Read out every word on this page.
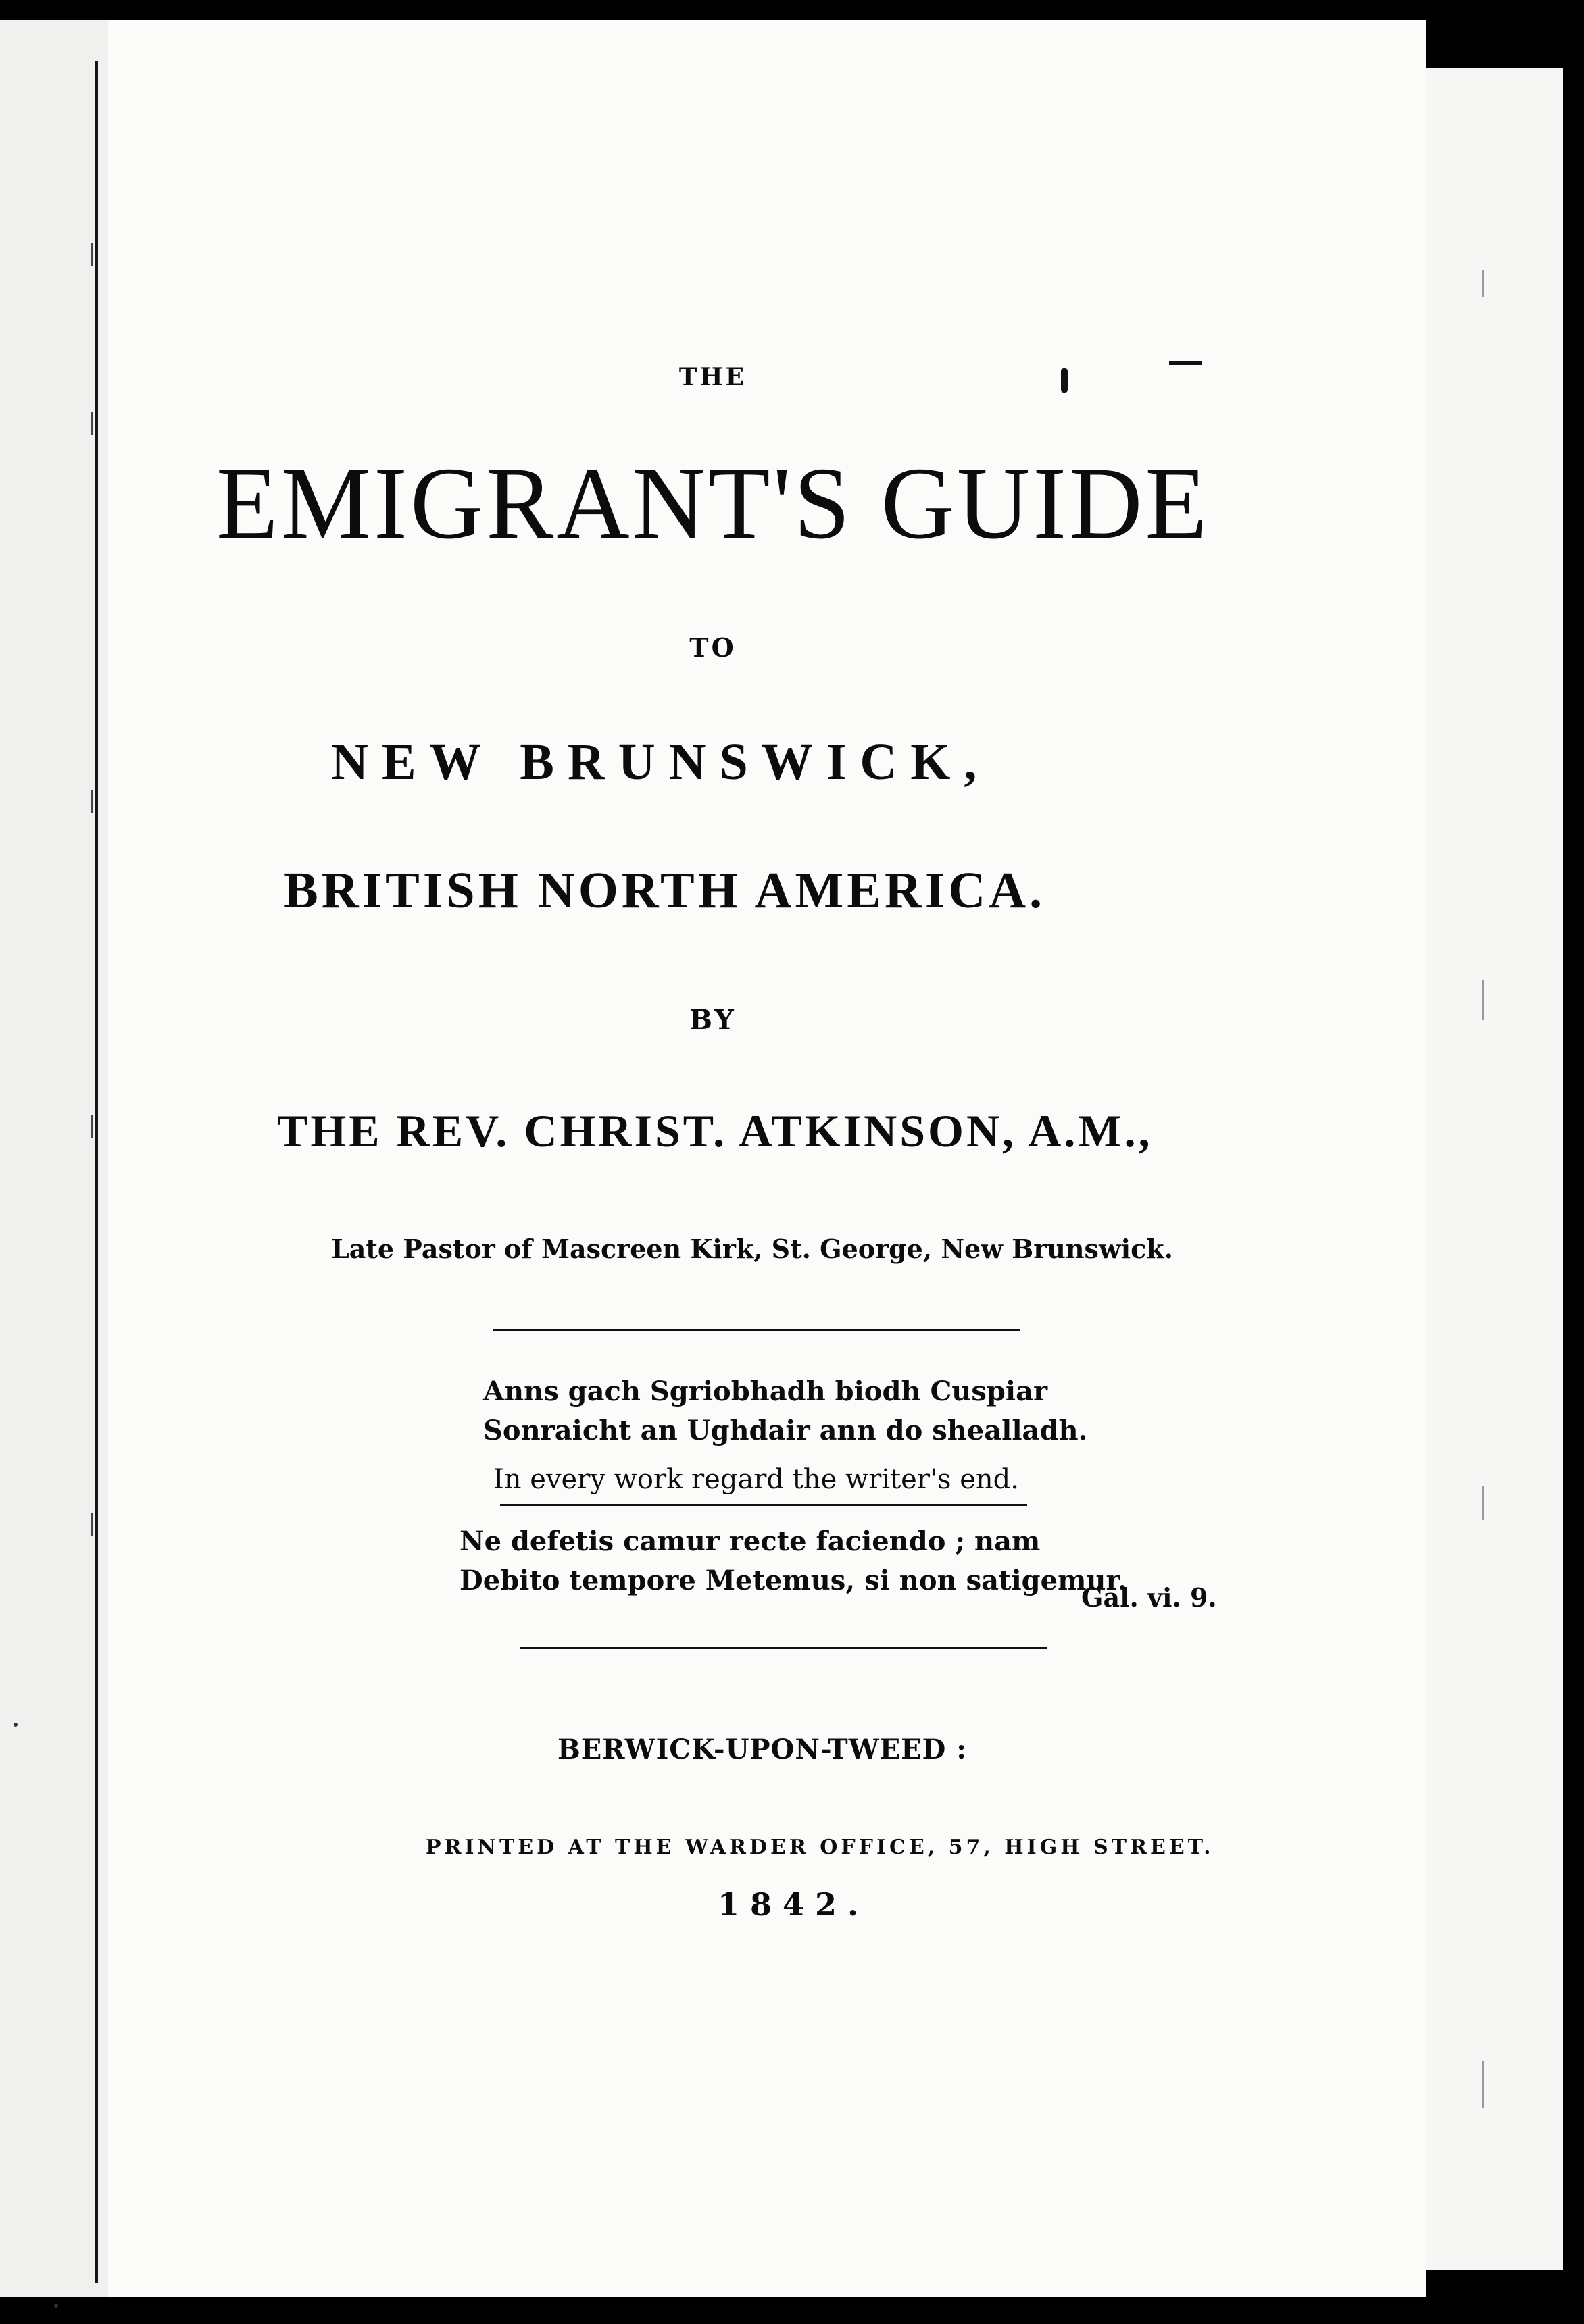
THE
EMIGRANT'S GUIDE
TO
NEW BRUNSWICK,
BRITISH NORTH AMERICA.
BY
THE REV. CHRIST. ATKINSON, A.M.,
Late Pastor of Mascreen Kirk, St. George, New Brunswick.
Anns gach Sgriobhadh biodh Cuspiar
Sonraicht an Ughdair ann do shealladh.
In every work regard the writer's end.
Ne defetis camur recte faciendo ; nam
Debito tempore Metemus, si non satigemur.
Gal. vi. 9.
BERWICK-UPON-TWEED :
PRINTED AT THE WARDER OFFICE, 57, HIGH STREET.
1842.
